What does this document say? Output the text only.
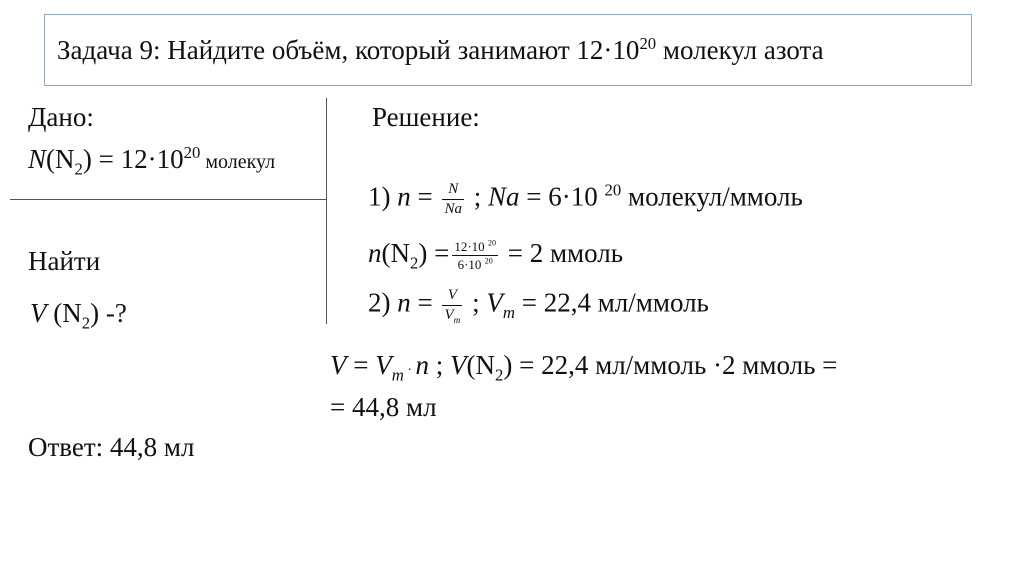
Задача 9: Найдите объём, который занимают $12\cdot 10^{20}$ молекул азота
Дано:
$N(N_2) = 12\cdot 10^{20}$ молекул
Найти
V $(N_2)$ -?
Решение:
1) $n = \frac{N}{Na}$ ; Na = 6·10 $^{20}$ молекул/ммоль
$n(N_2) = \frac{12\cdot 10 ^{20}}{6\cdot 10 ^{20}} = 2$ ммоль
2) $n = \frac{V}{V_m}$ ; $V_m = 22,4$ мл/ммоль
$V = V_m \cdot n$ ; $V(N_2) = 22,4$ мл/ммоль ·2 ммоль =
= 44,8 мл
Ответ: 44,8 мл
